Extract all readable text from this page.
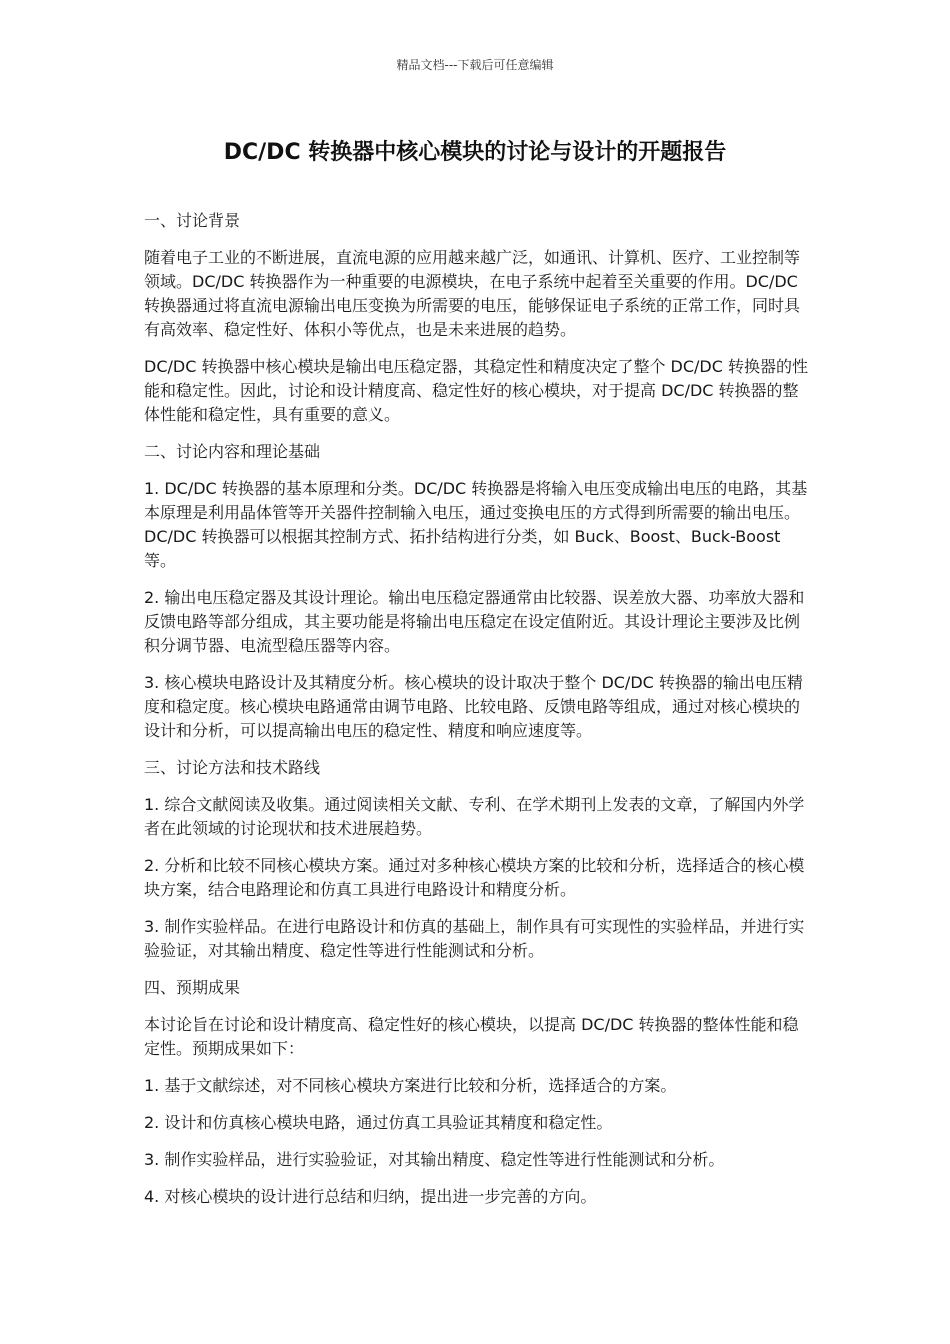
精品文档---下载后可任意编辑
DC/DC 转换器中核心模块的讨论与设计的开题报告

一、讨论背景

随着电子工业的不断进展，直流电源的应用越来越广泛，如通讯、计算机、医疗、工业控制等领域。DC/DC 转换器作为一种重要的电源模块，在电子系统中起着至关重要的作用。DC/DC 转换器通过将直流电源输出电压变换为所需要的电压，能够保证电子系统的正常工作，同时具有高效率、稳定性好、体积小等优点，也是未来进展的趋势。

DC/DC 转换器中核心模块是输出电压稳定器，其稳定性和精度决定了整个 DC/DC 转换器的性能和稳定性。因此，讨论和设计精度高、稳定性好的核心模块，对于提高 DC/DC 转换器的整体性能和稳定性，具有重要的意义。

二、讨论内容和理论基础

1. DC/DC 转换器的基本原理和分类。DC/DC 转换器是将输入电压变成输出电压的电路，其基本原理是利用晶体管等开关器件控制输入电压，通过变换电压的方式得到所需要的输出电压。DC/DC 转换器可以根据其控制方式、拓扑结构进行分类，如 Buck、Boost、Buck-Boost 等。

2. 输出电压稳定器及其设计理论。输出电压稳定器通常由比较器、误差放大器、功率放大器和反馈电路等部分组成，其主要功能是将输出电压稳定在设定值附近。其设计理论主要涉及比例积分调节器、电流型稳压器等内容。

3. 核心模块电路设计及其精度分析。核心模块的设计取决于整个 DC/DC 转换器的输出电压精度和稳定度。核心模块电路通常由调节电路、比较电路、反馈电路等组成，通过对核心模块的设计和分析，可以提高输出电压的稳定性、精度和响应速度等。

三、讨论方法和技术路线

1. 综合文献阅读及收集。通过阅读相关文献、专利、在学术期刊上发表的文章，了解国内外学者在此领域的讨论现状和技术进展趋势。

2. 分析和比较不同核心模块方案。通过对多种核心模块方案的比较和分析，选择适合的核心模块方案，结合电路理论和仿真工具进行电路设计和精度分析。

3. 制作实验样品。在进行电路设计和仿真的基础上，制作具有可实现性的实验样品，并进行实验验证，对其输出精度、稳定性等进行性能测试和分析。

四、预期成果

本讨论旨在讨论和设计精度高、稳定性好的核心模块，以提高 DC/DC 转换器的整体性能和稳定性。预期成果如下：

1. 基于文献综述，对不同核心模块方案进行比较和分析，选择适合的方案。

2. 设计和仿真核心模块电路，通过仿真工具验证其精度和稳定性。

3. 制作实验样品，进行实验验证，对其输出精度、稳定性等进行性能测试和分析。

4. 对核心模块的设计进行总结和归纳，提出进一步完善的方向。
